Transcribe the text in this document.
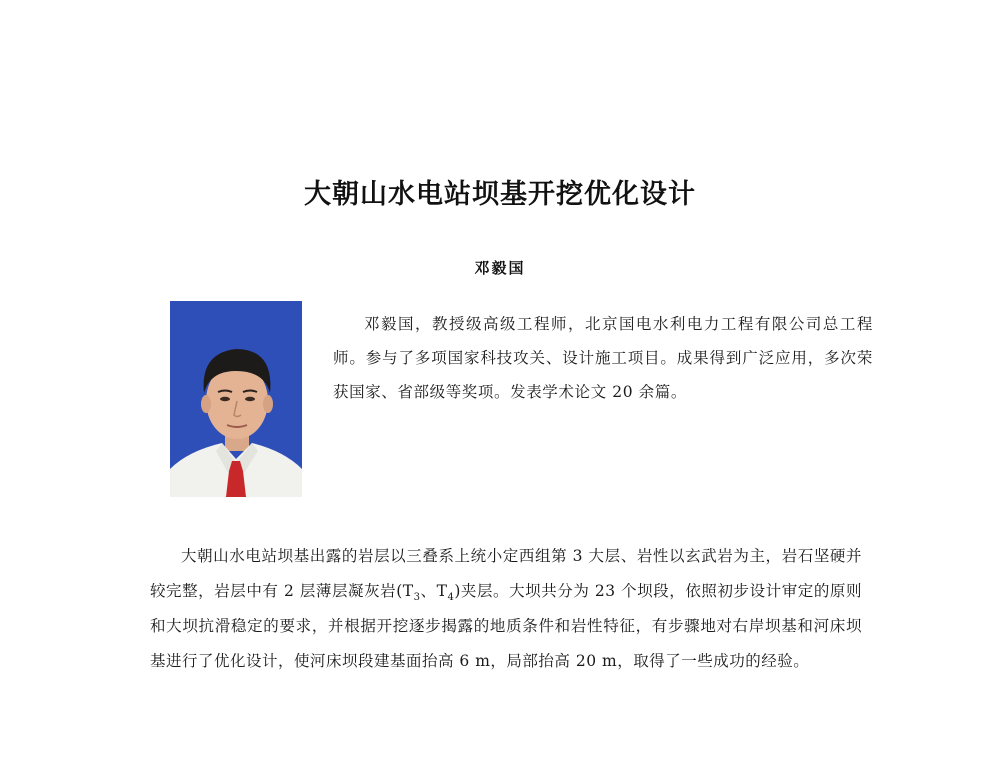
大朝山水电站坝基开挖优化设计
邓毅国
邓毅国，教授级高级工程师，北京国电水利电力工程有限公司总工程师。参与了多项国家科技攻关、设计施工项目。成果得到广泛应用，多次荣获国家、省部级等奖项。发表学术论文 20 余篇。
大朝山水电站坝基出露的岩层以三叠系上统小定西组第 3 大层、岩性以玄武岩为主，岩石坚硬并较完整，岩层中有 2 层薄层凝灰岩($T_3$、$T_4$)夹层。大坝共分为 23 个坝段，依照初步设计审定的原则和大坝抗滑稳定的要求，并根据开挖逐步揭露的地质条件和岩性特征，有步骤地对右岸坝基和河床坝基进行了优化设计，使河床坝段建基面抬高 6 m，局部抬高 20 m，取得了一些成功的经验。
